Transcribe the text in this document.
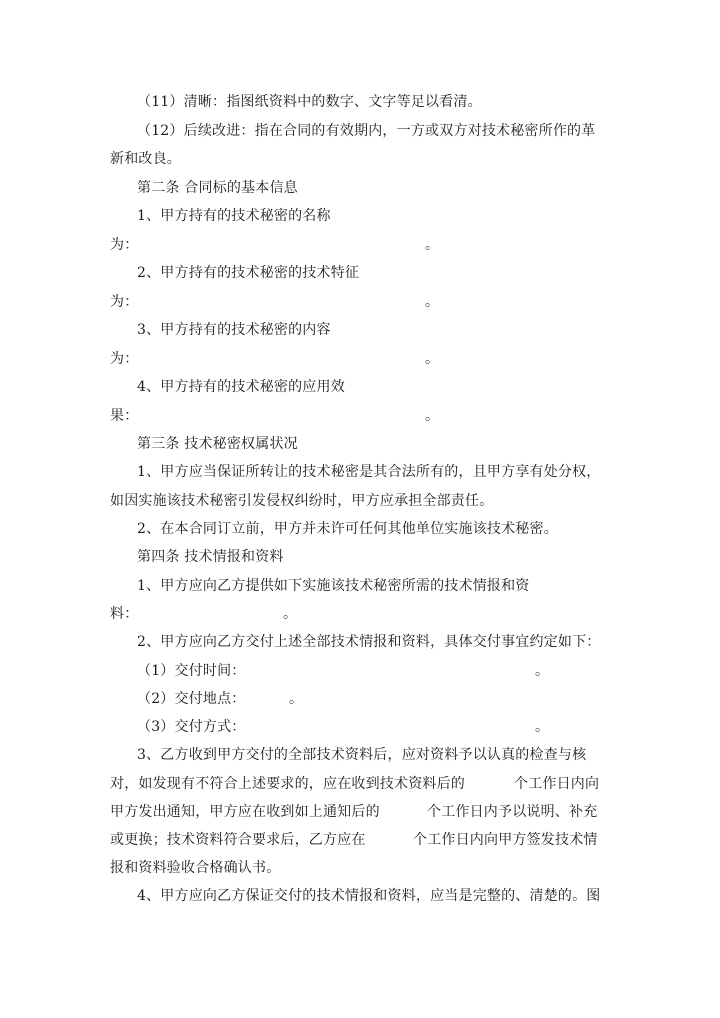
（11）清晰：指图纸资料中的数字、文字等足以看清。
（12）后续改进：指在合同的有效期内，一方或双方对技术秘密所作的革
新和改良。
第二条 合同标的基本信息
1、甲方持有的技术秘密的名称
为：	。
2、甲方持有的技术秘密的技术特征
为：	。
3、甲方持有的技术秘密的内容
为：	。
4、甲方持有的技术秘密的应用效
果：	。
第三条 技术秘密权属状况
1、甲方应当保证所转让的技术秘密是其合法所有的，且甲方享有处分权，
如因实施该技术秘密引发侵权纠纷时，甲方应承担全部责任。
2、在本合同订立前，甲方并未许可任何其他单位实施该技术秘密。
第四条 技术情报和资料
1、甲方应向乙方提供如下实施该技术秘密所需的技术情报和资
料：	。
2、甲方应向乙方交付上述全部技术情报和资料，具体交付事宜约定如下：
（1）交付时间：	。
（2）交付地点：	。
（3）交付方式：	。
3、乙方收到甲方交付的全部技术资料后，应对资料予以认真的检查与核
对，如发现有不符合上述要求的，应在收到技术资料后的	个工作日内向
甲方发出通知，甲方应在收到如上通知后的	个工作日内予以说明、补充
或更换；技术资料符合要求后，乙方应在	个工作日内向甲方签发技术情
报和资料验收合格确认书。
4、甲方应向乙方保证交付的技术情报和资料，应当是完整的、清楚的。图
